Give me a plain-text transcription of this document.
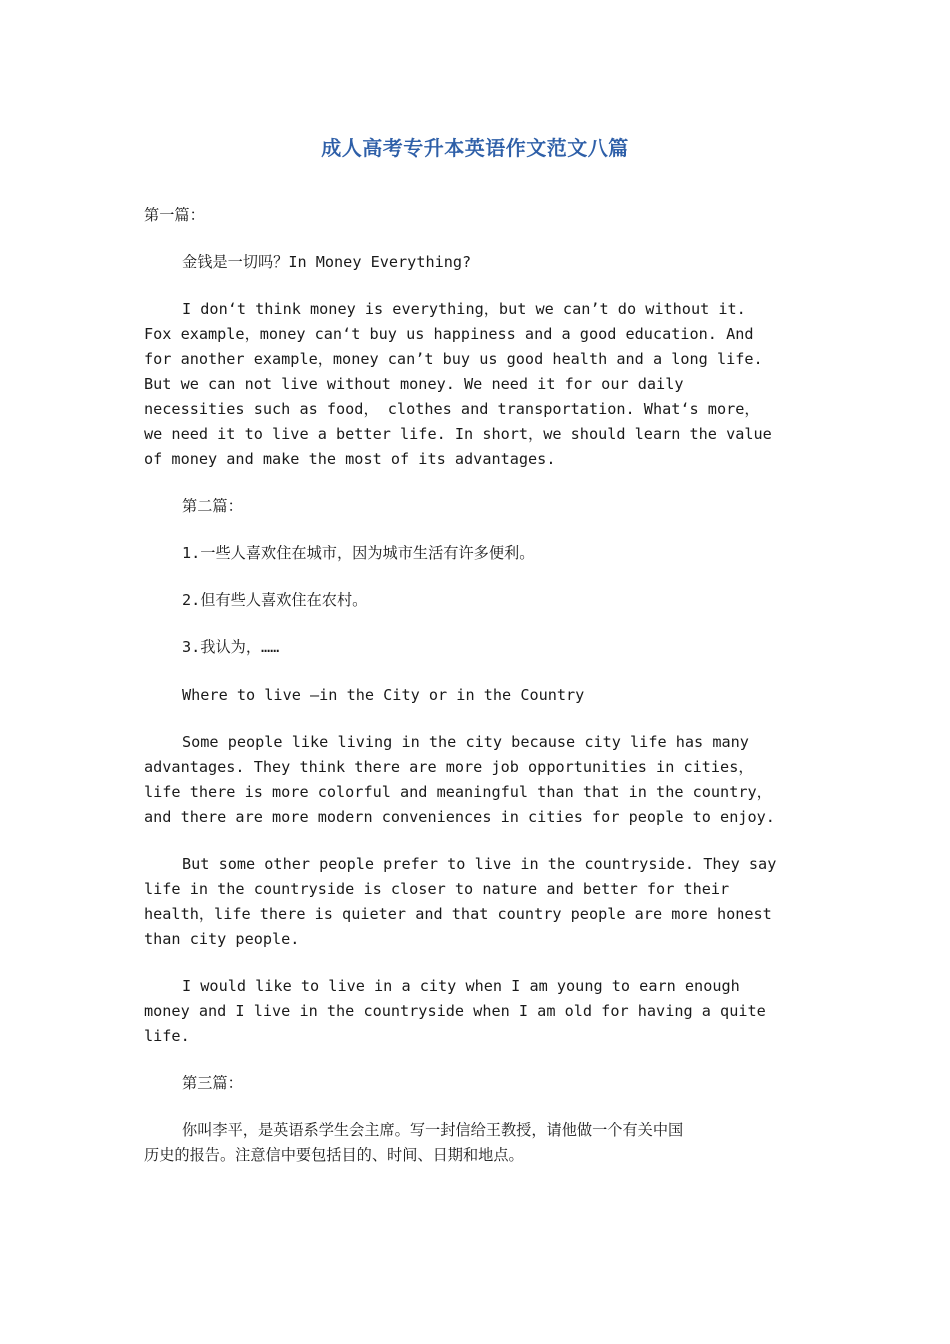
成人高考专升本英语作文范文八篇
第一篇：
金钱是一切吗？In Money Everything?
I don‘t think money is everything，but we can’t do without it.
Fox example，money can‘t buy us happiness and a good education. And
for another example，money can’t buy us good health and a long life.
But we can not live without money. We need it for our daily
necessities such as food， clothes and transportation. What‘s more，
we need it to live a better life. In short，we should learn the value
of money and make the most of its advantages.
第二篇：
1.一些人喜欢住在城市，因为城市生活有许多便利。
2.但有些人喜欢住在农村。
3.我认为，……
Where to live —in the City or in the Country
Some people like living in the city because city life has many
advantages. They think there are more job opportunities in cities，
life there is more colorful and meaningful than that in the country，
and there are more modern conveniences in cities for people to enjoy.
But some other people prefer to live in the countryside. They say
life in the countryside is closer to nature and better for their
health，life there is quieter and that country people are more honest
than city people.
I would like to live in a city when I am young to earn enough
money and I live in the countryside when I am old for having a quite
life.
第三篇：
你叫李平，是英语系学生会主席。写一封信给王教授，请他做一个有关中国
历史的报告。注意信中要包括目的、时间、日期和地点。
